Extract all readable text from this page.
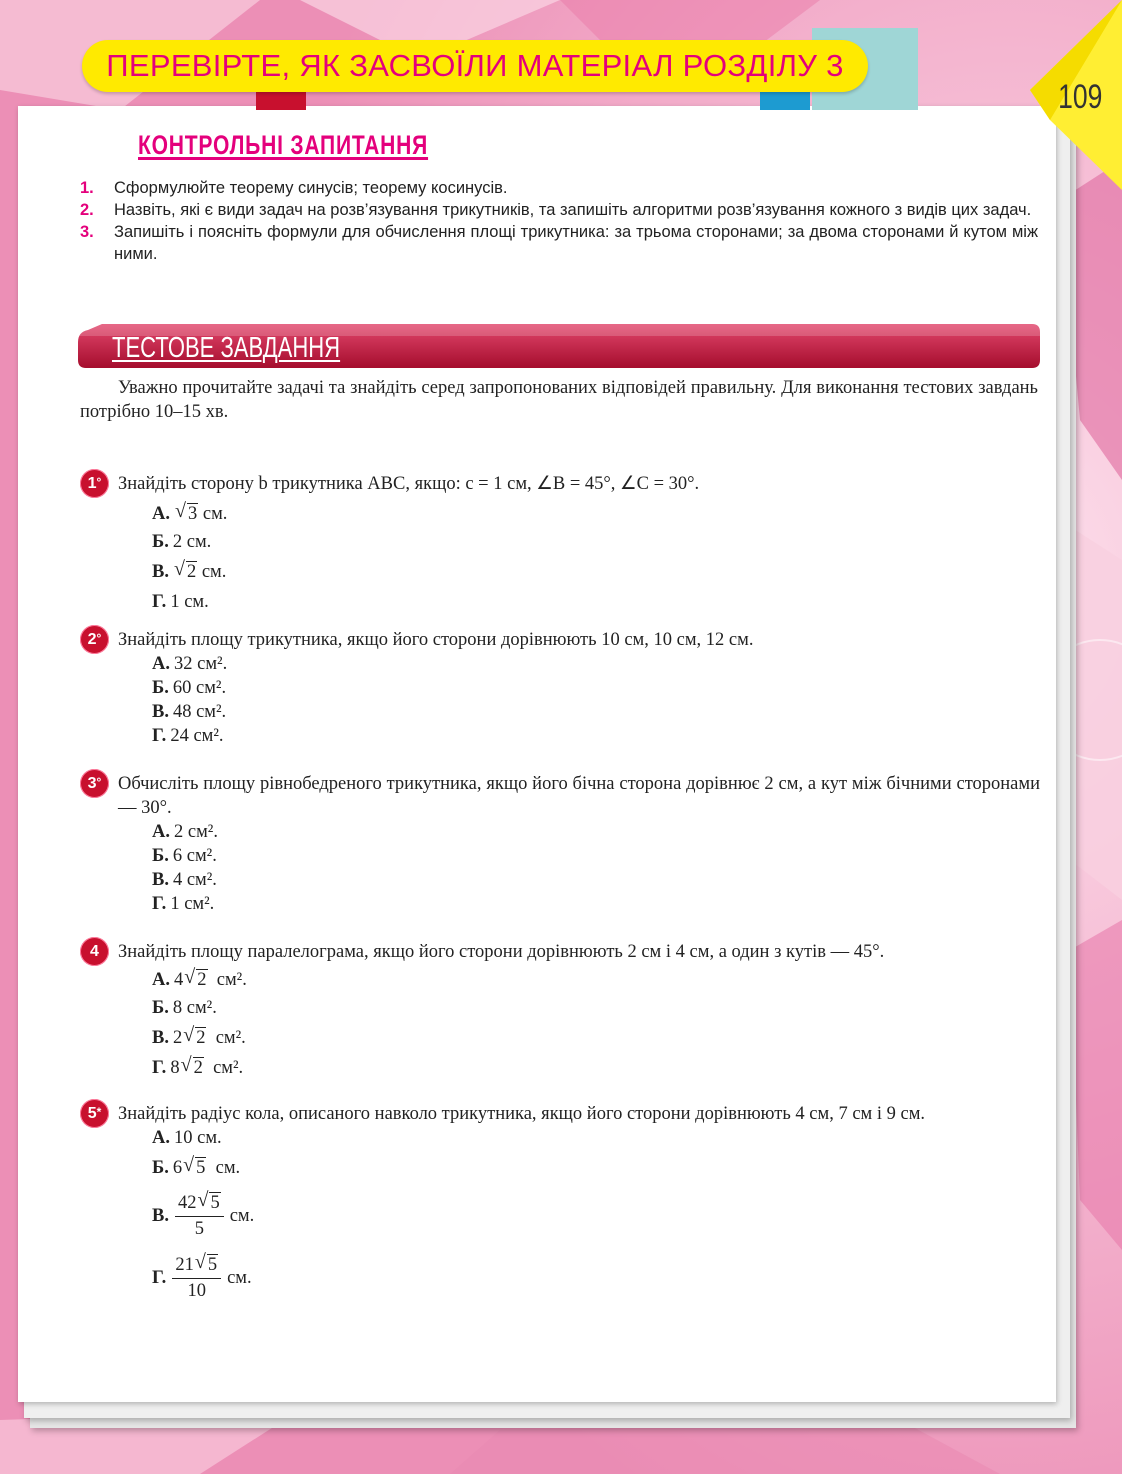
ПЕРЕВІРТЕ, ЯК ЗАСВОЇЛИ МАТЕРІАЛ РОЗДІЛУ 3
109
КОНТРОЛЬНІ ЗАПИТАННЯ
1.	Сформулюйте теорему синусів; теорему косинусів.
2.	Назвіть, які є види задач на розв’язування трикутників, та запишіть алгоритми розв’язування кожного з видів цих задач.
3.	Запишіть і поясніть формули для обчислення площі трикутника: за трьома сторонами; за двома сторонами й кутом між ними.
ТЕСТОВЕ ЗАВДАННЯ
Уважно прочитайте задачі та знайдіть серед запропонованих відповідей правильну. Для виконання тестових завдань потрібно 10–15 хв.
1° Знайдіть сторону b трикутника ABC, якщо: c = 1 см, ∠B = 45°, ∠C = 30°.
А. √ 3 см.
Б. 2 см.
В. √ 2 см.
Г. 1 см.
2° Знайдіть площу трикутника, якщо його сторони дорівнюють 10 см, 10 см, 12 см.
А. 32 см².
Б. 60 см².
В. 48 см².
Г. 24 см².
3° Обчисліть площу рівнобедреного трикутника, якщо його бічна сторона дорівнює 2 см, а кут між бічними сторонами — 30°.
А. 2 см².
Б. 6 см².
В. 4 см².
Г. 1 см².
4 Знайдіть площу паралелограма, якщо його сторони дорівнюють 2 см і 4 см, а один з кутів — 45°.
А. 4 √ 2 см².
Б. 8 см².
В. 2 √ 2 см².
Г. 8 √ 2 см².
5* Знайдіть радіус кола, описаного навколо трикутника, якщо його сторони дорівнюють 4 см, 7 см і 9 см.
А. 10 см.
Б. 6 √ 5 см.
В. $\frac{42 √ 5}{5}$ см.
Г. $\frac{21 √ 5}{10}$ см.
